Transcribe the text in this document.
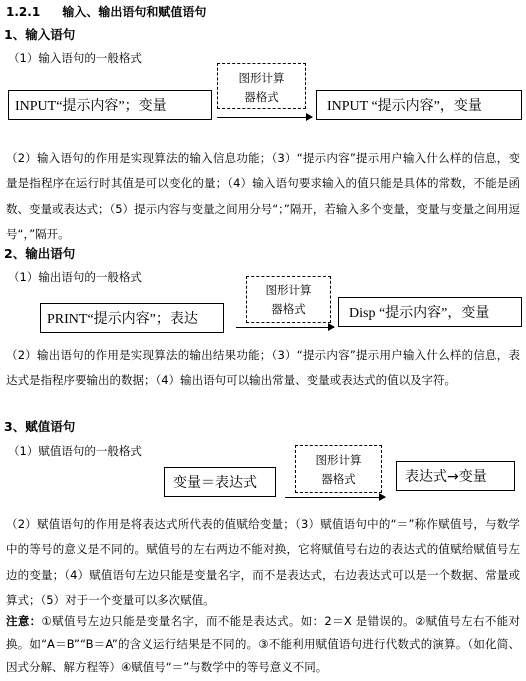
1.2.1 输入、输出语句和赋值语句
1、输入语句
（1）输入语句的一般格式
INPUT“提示内容”；变量
图形计算器格式
INPUT “提示内容”，变量
（2）输入语句的作用是实现算法的输入信息功能；（3）“提示内容”提示用户输入什么样的信息，变量是指程序在运行时其值是可以变化的量；（4）输入语句要求输入的值只能是具体的常数，不能是函数、变量或表达式；（5）提示内容与变量之间用分号“；”隔开，若输入多个变量，变量与变量之间用逗号“，”隔开。
2、输出语句
（1）输出语句的一般格式
PRINT“提示内容”；表达
图形计算器格式	Disp “提示内容”，变量
（2）输出语句的作用是实现算法的输出结果功能；（3）“提示内容”提示用户输入什么样的信息，表达式是指程序要输出的数据；（4）输出语句可以输出常量、变量或表达式的值以及字符。
3、赋值语句
（1）赋值语句的一般格式
变量＝表达式
图形计算器格式	表达式→变量
（2）赋值语句的作用是将表达式所代表的值赋给变量；（3）赋值语句中的“＝”称作赋值号，与数学中的等号的意义是不同的。赋值号的左右两边不能对换，它将赋值号右边的表达式的值赋给赋值号左边的变量；（4）赋值语句左边只能是变量名字，而不是表达式，右边表达式可以是一个数据、常量或算式；（5）对于一个变量可以多次赋值。
注意：①赋值号左边只能是变量名字，而不能是表达式。如：2＝X 是错误的。②赋值号左右不能对换。如“A＝B”“B＝A”的含义运行结果是不同的。③不能利用赋值语句进行代数式的演算。（如化简、因式分解、解方程等）④赋值号“＝”与数学中的等号意义不同。
